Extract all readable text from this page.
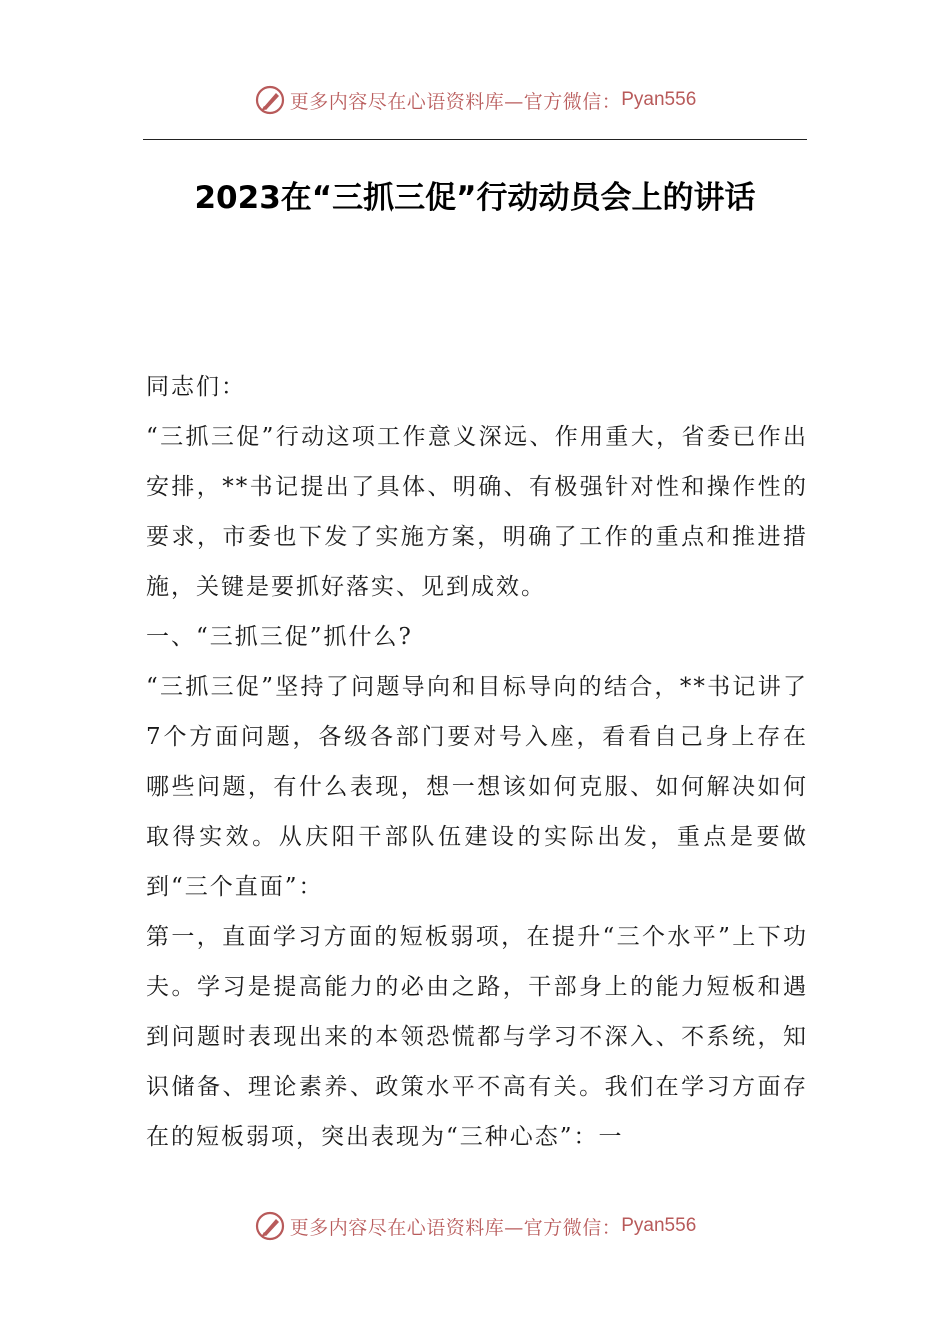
更多内容尽在心语资料库—官方微信： Pyan556
2023在“三抓三促”行动动员会上的讲话

同志们：

“三抓三促”行动这项工作意义深远、作用重大，省委已作出安排，**书记提出了具体、明确、有极强针对性和操作性的要求，市委也下发了实施方案，明确了工作的重点和推进措施，关键是要抓好落实、见到成效。

一、“三抓三促”抓什么?

“三抓三促”坚持了问题导向和目标导向的结合，**书记讲了7个方面问题，各级各部门要对号入座，看看自己身上存在哪些问题，有什么表现，想一想该如何克服、如何解决如何取得实效。从庆阳干部队伍建设的实际出发，重点是要做到“三个直面”：

第一，直面学习方面的短板弱项，在提升“三个水平”上下功夫。学习是提高能力的必由之路，干部身上的能力短板和遇到问题时表现出来的本领恐慌都与学习不深入、不系统，知识储备、理论素养、政策水平不高有关。我们在学习方面存在的短板弱项，突出表现为“三种心态”：一

更多内容尽在心语资料库—官方微信： Pyan556
